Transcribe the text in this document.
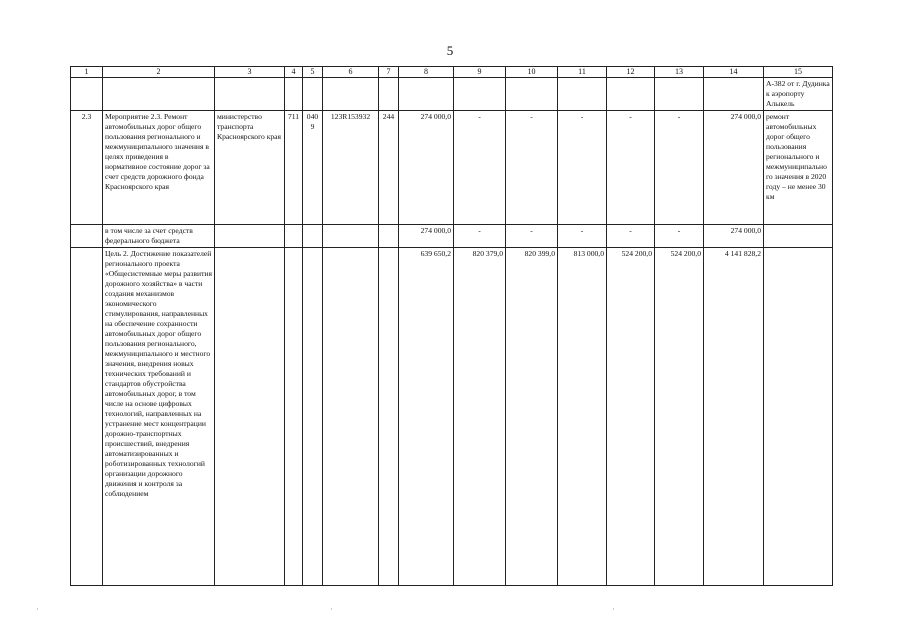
5
1	2	3	4	5	6	7	8	9	10	11	12	13	14	15
														А-382 от г. Дудинка к аэропорту Алыкель
2.3	Мероприятие 2.3. Ремонт автомобильных дорог общего пользования регионального и межмуниципального значения в целях приведения в нормативное состояние дорог за счет средств дорожного фонда Красноярского края	министерство транспорта Красноярского края	711	0409	123R153932	244	274 000,0	-	-	-	-	-	274 000,0	ремонт автомобильных дорог общего пользования регионального и межмуниципального значения в 2020 году – не менее 30 км
	в том числе за счет средств федерального бюджета						274 000,0	-	-	-	-	-	274 000,0	
	Цель 2. Достижение показателей регионального проекта «Общесистемные меры развития дорожного хозяйства» в части создания механизмов экономического стимулирования, направленных на обеспечение сохранности автомобильных дорог общего пользования регионального, межмуниципального и местного значения, внедрения новых технических требований и стандартов обустройства автомобильных дорог, в том числе на основе цифровых технологий, направленных на устранение мест концентрации дорожно-транспортных происшествий, внедрения автоматизированных и роботизированных технологий организации дорожного движения и контроля за соблюдением						639 650,2	820 379,0	820 399,0	813 000,0	524 200,0	524 200,0	4 141 828,2	
·	·	·
